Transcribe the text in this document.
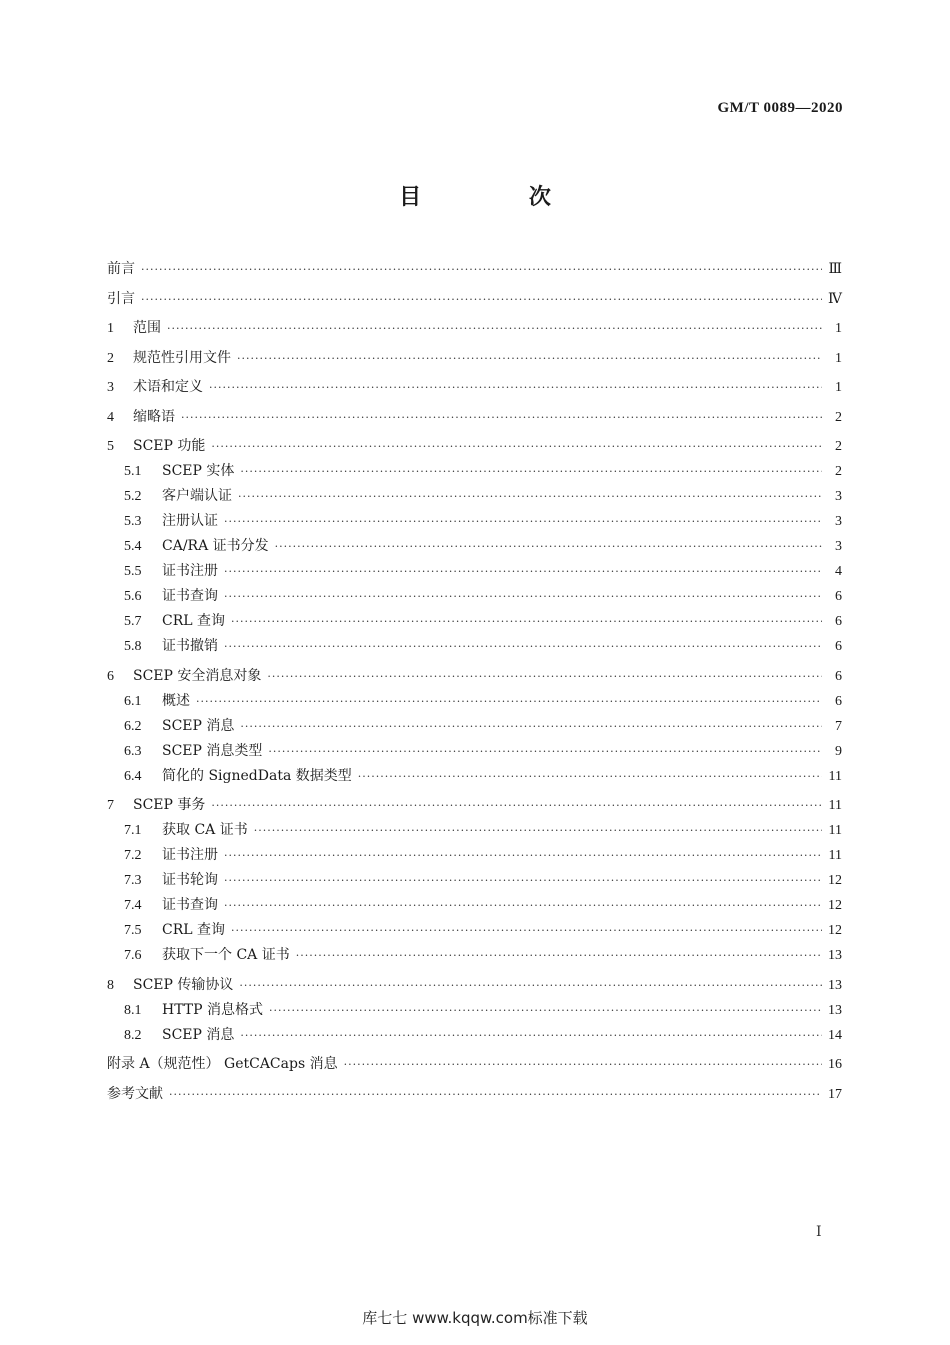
GM/T 0089—2020
目 次
前言 ·····	Ⅲ
引言 ·····	Ⅳ
1	范围 ·····	1
2	规范性引用文件 ·····	1
3	术语和定义 ·····	1
4	缩略语 ·····	2
5	SCEP 功能 ·····	2
5.1	SCEP 实体 ·····	2
5.2	客户端认证 ·····	3
5.3	注册认证 ·····	3
5.4	CA/RA 证书分发 ·····	3
5.5	证书注册 ·····	4
5.6	证书查询 ·····	6
5.7	CRL 查询 ·····	6
5.8	证书撤销 ·····	6
6	SCEP 安全消息对象 ·····	6
6.1	概述 ·····	6
6.2	SCEP 消息 ·····	7
6.3	SCEP 消息类型 ·····	9
6.4	简化的 SignedData 数据类型 ·····	11
7	SCEP 事务 ·····	11
7.1	获取 CA 证书 ·····	11
7.2	证书注册 ·····	11
7.3	证书轮询 ·····	12
7.4	证书查询 ·····	12
7.5	CRL 查询 ·····	12
7.6	获取下一个 CA 证书 ·····	13
8	SCEP 传输协议 ·····	13
8.1	HTTP 消息格式 ·····	13
8.2	SCEP 消息 ·····	14
附录 A（规范性） GetCACaps 消息 ·····	16
参考文献 ·····	17
Ⅰ
库七七 www.kqqw.com标准下载
